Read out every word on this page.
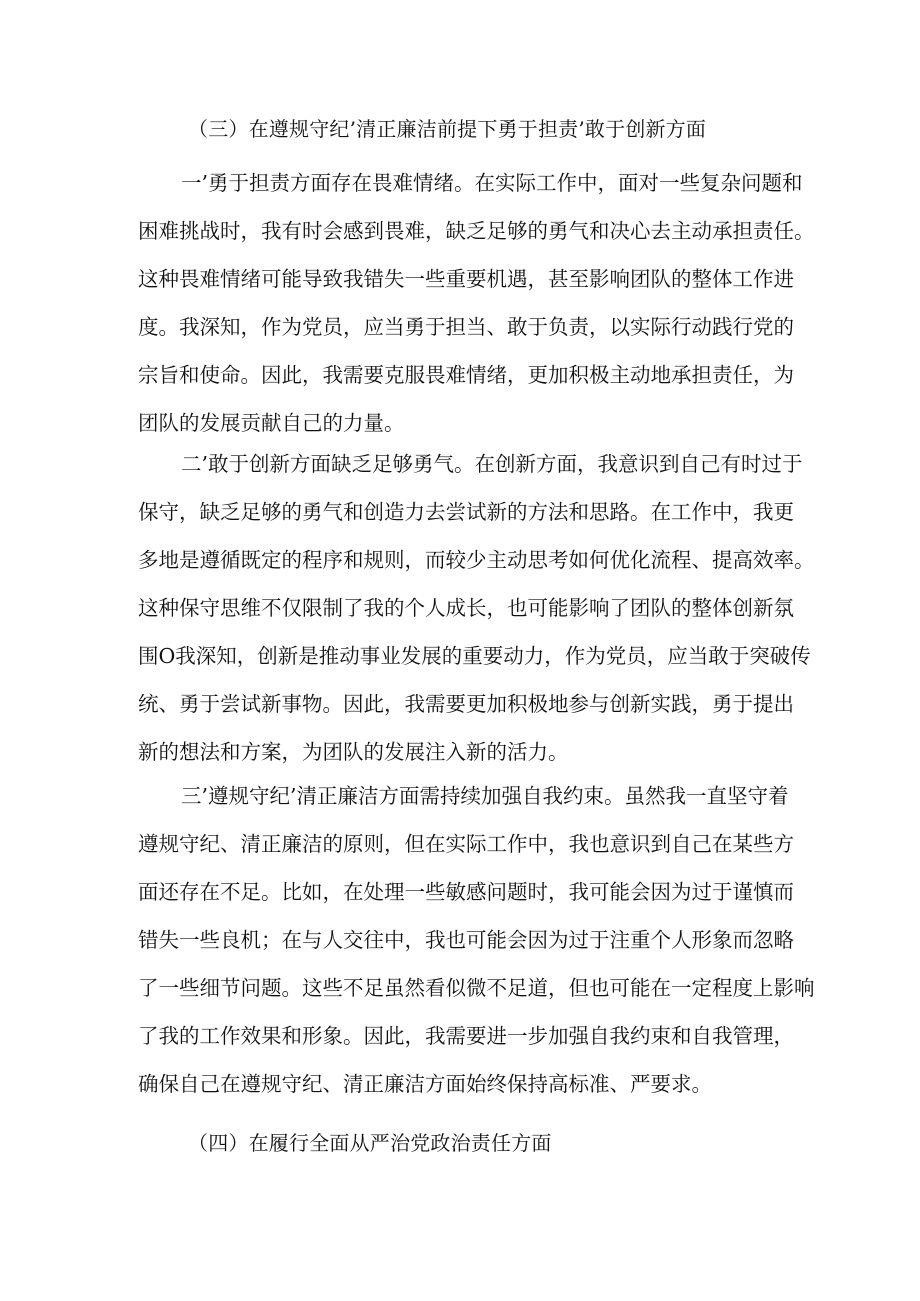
（三）在遵规守纪’清正廉洁前提下勇于担责’敢于创新方面
一’勇于担责方面存在畏难情绪。在实际工作中，面对一些复杂问题和
困难挑战时，我有时会感到畏难，缺乏足够的勇气和决心去主动承担责任。
这种畏难情绪可能导致我错失一些重要机遇，甚至影响团队的整体工作进
度。我深知，作为党员，应当勇于担当、敢于负责，以实际行动践行党的
宗旨和使命。因此，我需要克服畏难情绪，更加积极主动地承担责任，为
团队的发展贡献自己的力量。
二’敢于创新方面缺乏足够勇气。在创新方面，我意识到自己有时过于
保守，缺乏足够的勇气和创造力去尝试新的方法和思路。在工作中，我更
多地是遵循既定的程序和规则，而较少主动思考如何优化流程、提高效率。
这种保守思维不仅限制了我的个人成长，也可能影响了团队的整体创新氛
围O我深知，创新是推动事业发展的重要动力，作为党员，应当敢于突破传
统、勇于尝试新事物。因此，我需要更加积极地参与创新实践，勇于提出
新的想法和方案，为团队的发展注入新的活力。
三’遵规守纪’清正廉洁方面需持续加强自我约束。虽然我一直坚守着
遵规守纪、清正廉洁的原则，但在实际工作中，我也意识到自己在某些方
面还存在不足。比如，在处理一些敏感问题时，我可能会因为过于谨慎而
错失一些良机；在与人交往中，我也可能会因为过于注重个人形象而忽略
了一些细节问题。这些不足虽然看似微不足道，但也可能在一定程度上影响
了我的工作效果和形象。因此，我需要进一步加强自我约束和自我管理，
确保自己在遵规守纪、清正廉洁方面始终保持高标准、严要求。
（四）在履行全面从严治党政治责任方面
